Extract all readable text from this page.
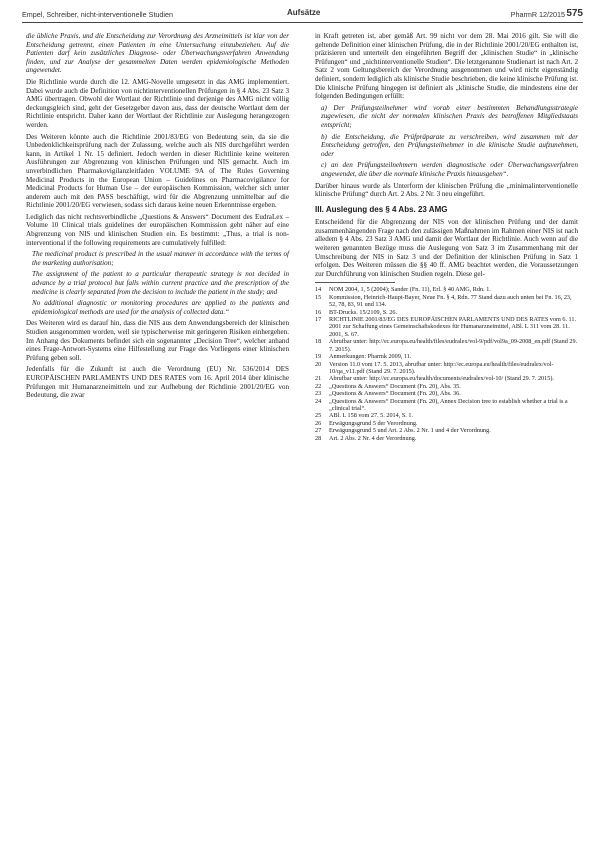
Empel, Schreiber, nicht-interventionelle Studien	Aufsätze	PharmR 12/2015 575

die übliche Praxis, und die Entscheidung zur Verordnung des Arzneimittels ist klar von der Entscheidung getrennt, einen Patienten in eine Untersuchung einzubeziehen. Auf die Patienten darf kein zusätzliches Diagnose- oder Überwachungsverfahren Anwendung finden, und zur Analyse der gesammelten Daten werden epidemiologische Methoden angewendet.

Die Richtlinie wurde durch die 12. AMG-Novelle umgesetzt in das AMG implementiert. Dabei wurde auch die Definition von nichtinterventionellen Prüfungen in § 4 Abs. 23 Satz 3 AMG übertragen. Obwohl der Wortlaut der Richtlinie und derjenige des AMG nicht völlig deckungsgleich sind, geht der Gesetzgeber davon aus, dass der deutsche Wortlaut dem der Richtlinie entspricht. Daher kann der Wortlaut der Richtlinie zur Auslegung herangezogen werden.

Des Weiteren könnte auch die Richtlinie 2001/83/EG von Bedeutung sein, da sie die Unbedenklichkeitsprüfung nach der Zulassung, welche auch als NIS durchgeführt werden kann, in Artikel 1 Nr. 15 definiert. Jedoch werden in dieser Richtlinie keine weiteren Ausführungen zur Abgrenzung von klinischen Prüfungen und NIS gemacht. Auch im unverbindlichen Pharmakovigilanzleitfaden VOLUME 9A of The Rules Governing Medicinal Products in the European Union – Guidelines on Pharmacovigilance for Medicinal Products for Human Use – der europäischen Kommission, welcher sich unter anderem auch mit den PASS beschäftigt, wird für die Abgrenzung unmittelbar auf die Richtlinie 2001/20/EG verwiesen, sodass sich daraus keine neuen Erkenntnisse ergeben.

Lediglich das nicht rechtsverbindliche „Questions & Answers“ Document des EudraLex – Volume 10 Clinical trials guidelines der europäischen Kommission geht näher auf eine Abgrenzung von NIS und klinischen Studien ein. Es bestimmt: „Thus, a trial is non-interventional if the following requirements are cumulatively fulfilled:

The medicinal product is prescribed in the usual manner in accordance with the terms of the marketing authorisation;

The assignment of the patient to a particular therapeutic strategy is not decided in advance by a trial protocol but falls within current practice and the prescription of the medicine is clearly separated from the decision to include the patient in the study; and

No additional diagnostic or monitoring procedures are applied to the patients and epidemiological methods are used for the analysis of collected data.“

Des Weiteren wird es darauf hin, dass die NIS aus dem Anwendungsbereich der klinischen Studien ausgenommen worden, weil sie typischerweise mit geringeren Risiken einhergehen. Im Anhang des Dokuments befindet sich ein sogenannter „Decision Tree“, welcher anhand eines Frage-Antwort-Systems eine Hilfestellung zur Frage des Vorliegens einer klinischen Prüfung geben soll.

Jedenfalls für die Zukunft ist auch die Verordnung (EU) Nr. 536/2014 DES EUROPÄISCHEN PARLAMENTS UND DES RATES vom 16. April 2014 über klinische Prüfungen mit Humanarzneimitteln und zur Aufhebung der Richtlinie 2001/20/EG von Bedeutung, die zwar

in Kraft getreten ist, aber gemäß Art. 99 nicht vor dem 28. Mai 2016 gilt. Sie will die geltende Definition einer klinischen Prüfung, die in der Richtlinie 2001/20/EG enthalten ist, präzisieren und unterteilt den eingeführten Begriff der „klinischen Studie“ in „klinische Prüfungen“ und „nichtinterventionelle Studien“. Die letztgenannte Studienart ist nach Art. 2 Satz 2 vom Geltungsbereich der Verordnung ausgenommen und wird nicht eigenständig definiert, sondern lediglich als klinische Studie beschrieben, die keine klinische Prüfung ist. Die klinische Prüfung hingegen ist definiert als „klinische Studie, die mindestens eine der folgenden Bedingungen erfüllt:

a) Der Prüfungsteilnehmer wird vorab einer bestimmten Behandlungsstrategie zugewiesen, die nicht der normalen klinischen Praxis des betroffenen Mitgliedstaats entspricht;

b) die Entscheidung, die Prüfpräparate zu verschreiben, wird zusammen mit der Entscheidung getroffen, den Prüfungsteilnehmer in die klinische Studie aufzunehmen, oder

c) an den Prüfungsteilnehmern werden diagnostische oder Überwachungsverfahren angewendet, die über die normale klinische Praxis hinausgehen“.

Darüber hinaus wurde als Unterform der klinischen Prüfung die „minimalinterventionelle klinische Prüfung“ durch Art. 2 Abs. 2 Nr. 3 neu eingeführt.

III. Auslegung des § 4 Abs. 23 AMG

Entscheidend für die Abgrenzung der NIS von der klinischen Prüfung und der damit zusammenhängenden Frage nach den zulässigen Maßnahmen im Rahmen einer NIS ist nach alledem § 4 Abs. 23 Satz 3 AMG und damit der Wortlaut der Richtlinie. Auch wenn auf die weiteren genannten Bezüge muss die Auslegung von Satz 3 im Zusammenhang mit der Umschreibung der NIS in Satz 3 und der Definition der klinischen Prüfung in Satz 1 erfolgen. Des Weiteren müssen die §§ 40 ff. AMG beachtet werden, die Voraussetzungen zur Durchführung von klinischen Studien regeln. Diese gel-

14	NOM 2004, 1, 5 (2004); Sander (Fn. 11), Erl. § 40 AMG, Rdn. 1.
15	Kommission, Heinrich-Haupt-Bayer, Neue Fn. § 4, Rdn. 77 Stand dazu auch unten bei Fn. 16, 23, 52, 78, 83, 91 und 134.
16	BT-Drucks. 15/2109, S. 26.
17	RICHTLINIE 2001/83/EG DES EUROPÄISCHEN PARLAMENTS UND DES RATES vom 6. 11. 2001 zur Schaffung eines Gemeinschaftskodexes für Humanarzneimittel, ABl. L 311 vom 28. 11. 2001, S. 67.
18	Abrufbar unter: http://ec.europa.eu/health/files/eudralex/vol-9/pdf/vol9a_09-2008_en.pdf (Stand 29. 7. 2015).
19	Anmerkungen: Pharmk 2009, 11.
20	Version 11.0 vom 17. 5. 2013, abrufbar unter: http://ec.europa.eu/health/files/eudralex/vol-10/qa_v11.pdf (Stand 29. 7. 2015).
21	Abrufbar unter: http://ec.europa.eu/health/documents/eudralex/vol-10/ (Stand 29. 7. 2015).
22	„Questions & Answers“ Document (Fn. 20), Abs. 35.
23	„Questions & Answers“ Document (Fn. 20), Abs. 36.
24	„Questions & Answers“ Document (Fn. 20), Annex Decision tree to establish whether a trial is a „clinical trial“.
25	ABl. L 158 vom 27. 5. 2014, S. 1.
26	Erwägungsgrund 5 der Verordnung.
27	Erwägungsgrund 5 und Art. 2 Abs. 2 Nr. 1 und 4 der Verordnung.
28	Art. 2 Abs. 2 Nr. 4 der Verordnung.
